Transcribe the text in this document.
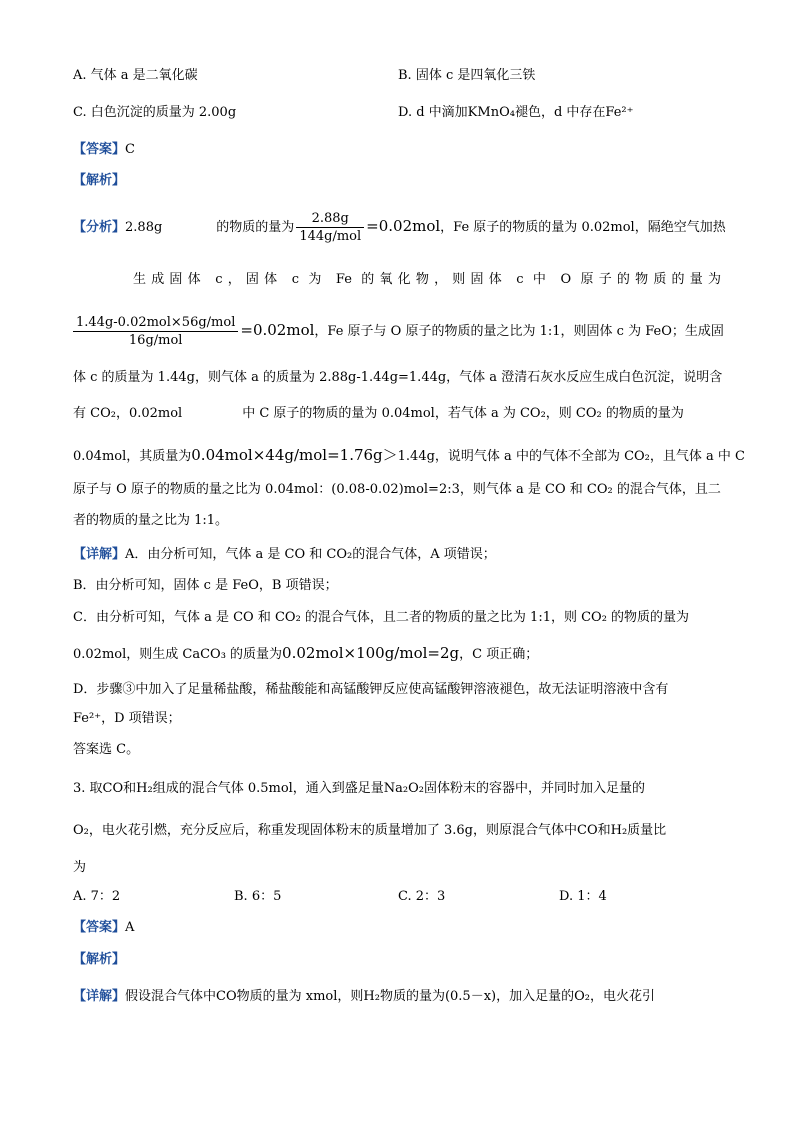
A. 气体 a 是二氧化碳	B. 固体 c 是四氧化三铁
C. 白色沉淀的质量为 2.00g	D. d 中滴加KMnO₄褪色，d 中存在Fe²⁺
【答案】C
【解析】
【分析】2.88g	的物质的量为 $\frac{2.88g}{\text{144g/mol}} =0.02mol$，Fe 原子的物质的量为 0.02mol，隔绝空气加热
生成固体 c，固体 c 为 Fe 的氧化物，则固体 c 中 O 原子的物质的量为
$\frac{\text{1.44g-0.02mol×56g/mol}}{\text{16g/mol}} =0.02mol$，Fe 原子与 O 原子的物质的量之比为 1:1，则固体 c 为 FeO；生成固
体 c 的质量为 1.44g，则气体 a 的质量为 2.88g-1.44g=1.44g，气体 a 澄清石灰水反应生成白色沉淀，说明含
有 CO₂，0.02mol	中 C 原子的物质的量为 0.04mol，若气体 a 为 CO₂，则 CO₂ 的物质的量为
0.04mol，其质量为0.04mol×44g/mol=1.76g＞1.44g，说明气体 a 中的气体不全部为 CO₂，且气体 a 中 C
原子与 O 原子的物质的量之比为 0.04mol：(0.08-0.02)mol=2:3，则气体 a 是 CO 和 CO₂ 的混合气体，且二
者的物质的量之比为 1:1。
【详解】A．由分析可知，气体 a 是 CO 和 CO₂的混合气体，A 项错误；
B．由分析可知，固体 c 是 FeO，B 项错误；
C．由分析可知，气体 a 是 CO 和 CO₂ 的混合气体，且二者的物质的量之比为 1:1，则 CO₂ 的物质的量为
0.02mol，则生成 CaCO₃ 的质量为0.02mol×100g/mol=2g，C 项正确；
D．步骤③中加入了足量稀盐酸，稀盐酸能和高锰酸钾反应使高锰酸钾溶液褪色，故无法证明溶液中含有
Fe²⁺，D 项错误；
答案选 C。
3. 取CO和H₂组成的混合气体 0.5mol，通入到盛足量Na₂O₂固体粉末的容器中，并同时加入足量的
O₂，电火花引燃，充分反应后，称重发现固体粉末的质量增加了 3.6g，则原混合气体中CO和H₂质量比
为
A. 7：2	B. 6：5	C. 2：3	D. 1：4
【答案】A
【解析】
【详解】假设混合气体中CO物质的量为 xmol，则H₂物质的量为(0.5－x)，加入足量的O₂，电火花引
